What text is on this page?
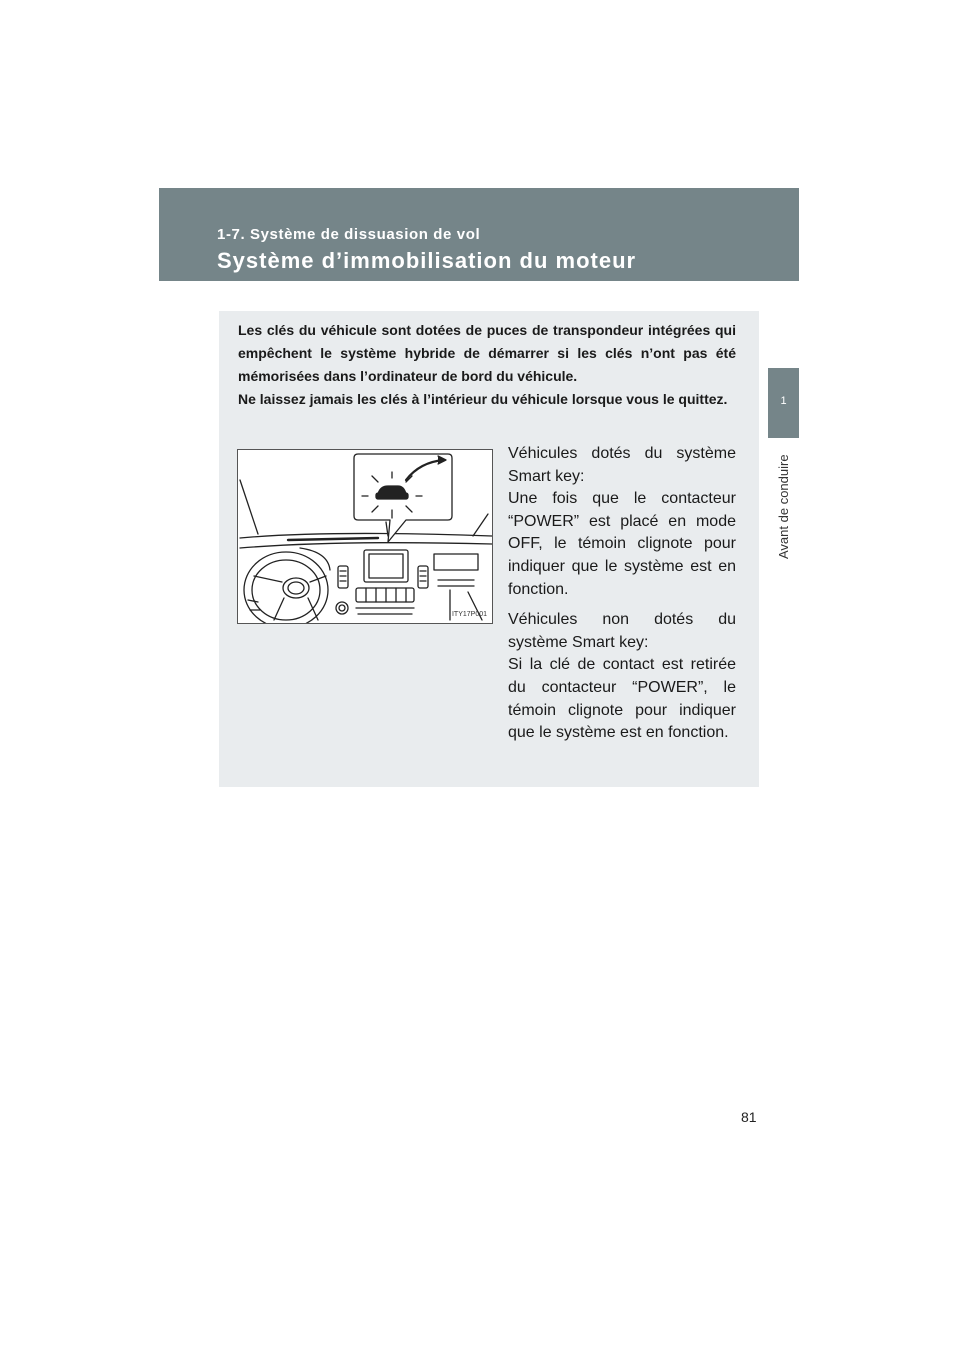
1-7. Système de dissuasion de vol
Système d’immobilisation du moteur
1
Avant de conduire

Les clés du véhicule sont dotées de puces de transpondeur intégrées qui empêchent le système hybride de démarrer si les clés n’ont pas été mémorisées dans l’ordinateur de bord du véhicule.

Ne laissez jamais les clés à l’intérieur du véhicule lorsque vous le quittez.

ITY17P001

Véhicules dotés du système Smart key:
Une fois que le contacteur “POWER” est placé en mode OFF, le témoin clignote pour indiquer que le système est en fonction.

Véhicules non dotés du système Smart key:
Si la clé de contact est retirée du contacteur “POWER”, le témoin clignote pour indiquer que le système est en fonction.

81
